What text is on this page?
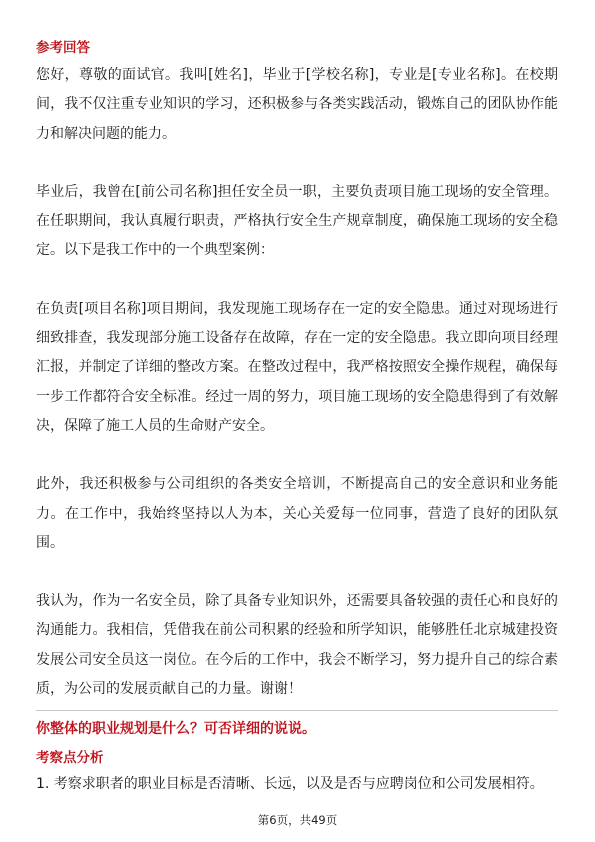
参考回答

您好，尊敬的面试官。我叫[姓名]，毕业于[学校名称]，专业是[专业名称]。在校期间，我不仅注重专业知识的学习，还积极参与各类实践活动，锻炼自己的团队协作能力和解决问题的能力。

毕业后，我曾在[前公司名称]担任安全员一职，主要负责项目施工现场的安全管理。在任职期间，我认真履行职责，严格执行安全生产规章制度，确保施工现场的安全稳定。以下是我工作中的一个典型案例：

在负责[项目名称]项目期间，我发现施工现场存在一定的安全隐患。通过对现场进行细致排查，我发现部分施工设备存在故障，存在一定的安全隐患。我立即向项目经理汇报，并制定了详细的整改方案。在整改过程中，我严格按照安全操作规程，确保每一步工作都符合安全标准。经过一周的努力，项目施工现场的安全隐患得到了有效解决，保障了施工人员的生命财产安全。

此外，我还积极参与公司组织的各类安全培训，不断提高自己的安全意识和业务能力。在工作中，我始终坚持以人为本，关心关爱每一位同事，营造了良好的团队氛围。

我认为，作为一名安全员，除了具备专业知识外，还需要具备较强的责任心和良好的沟通能力。我相信，凭借我在前公司积累的经验和所学知识，能够胜任北京城建投资发展公司安全员这一岗位。在今后的工作中，我会不断学习，努力提升自己的综合素质，为公司的发展贡献自己的力量。谢谢！

你整体的职业规划是什么？可否详细的说说。
考察点分析

1. 考察求职者的职业目标是否清晰、长远，以及是否与应聘岗位和公司发展相符。

第6页，共49页
